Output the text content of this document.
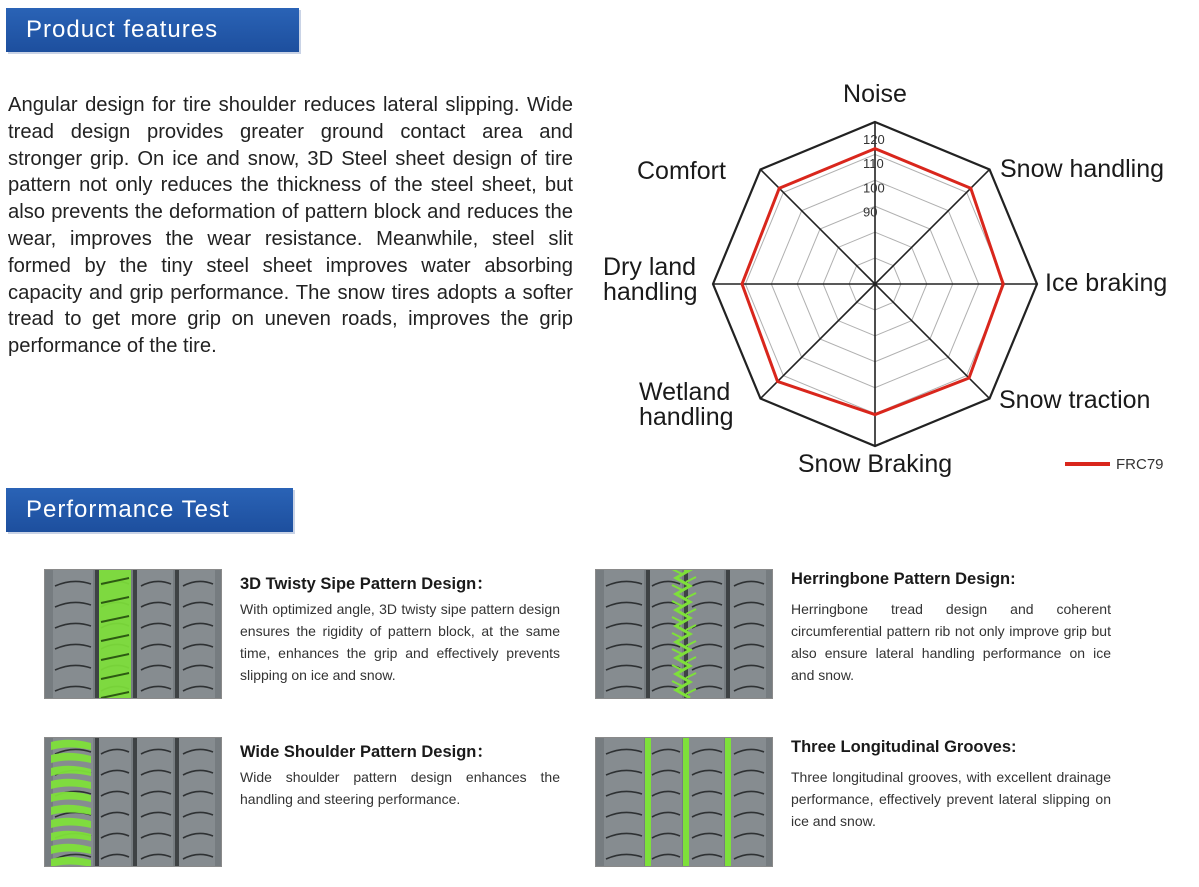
Product features
Angular design for tire shoulder reduces lateral slipping. Wide tread design provides greater ground contact area and stronger grip. On ice and snow, 3D Steel sheet design of tire pattern not only reduces the thickness of the steel sheet, but also prevents the deformation of pattern block and reduces the wear, improves the wear resistance. Meanwhile, steel slit formed by the tiny steel sheet improves water absorbing capacity and grip performance. The snow tires adopts a softer tread to get more grip on uneven roads, improves the grip performance of the tire.
90
100
110
120
Noise
Snow handling
Ice braking
Snow traction
Snow Braking
Wetland handling
Dry land handling
Comfort
FRC79
Performance Test
3D Twisty Sipe Pattern Design：
With optimized angle, 3D twisty sipe pattern design ensures the rigidity of pattern block, at the same time, enhances the grip and effectively prevents slipping on ice and snow.
Herringbone Pattern Design:
Herringbone tread design and coherent circumferential pattern rib not only improve grip but also ensure lateral handling performance on ice and snow.
Wide Shoulder Pattern Design：
Wide shoulder pattern design enhances the handling and steering performance.
Three Longitudinal Grooves:
Three longitudinal grooves, with excellent drainage performance, effectively prevent lateral slipping on ice and snow.
